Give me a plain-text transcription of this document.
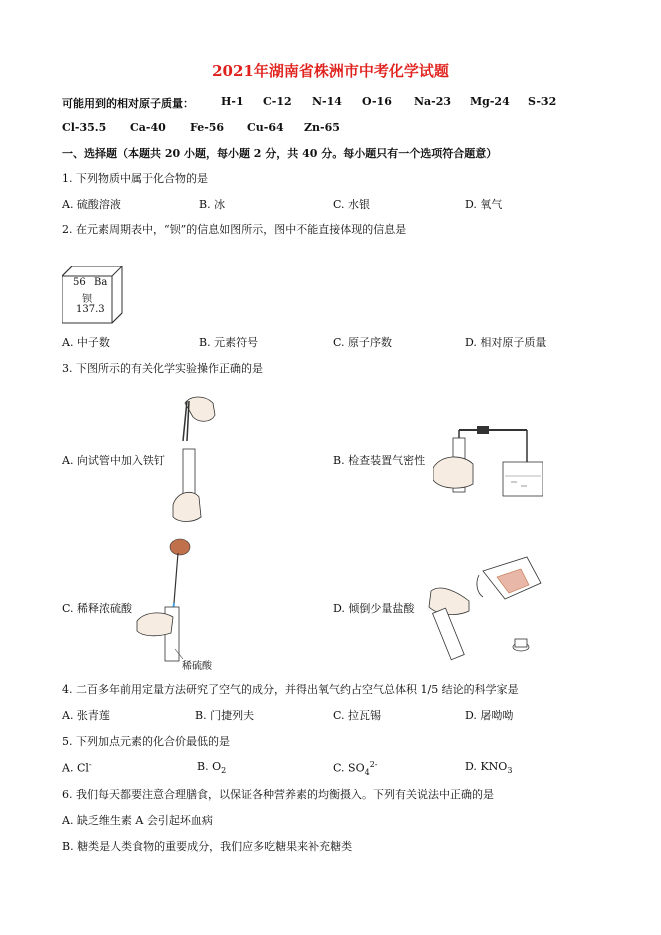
2021年湖南省株洲市中考化学试题
可能用到的相对原子质量： H-1 C-12 N-14 O-16 Na-23 Mg-24 S-32
Cl-35.5 Ca-40 Fe-56 Cu-64 Zn-65
一、选择题（本题共 20 小题，每小题 2 分，共 40 分。每小题只有一个选项符合题意）
1. 下列物质中属于化合物的是
A. 硫酸溶液	B. 冰	C. 水银	D. 氧气
2. 在元素周期表中，“钡”的信息如图所示，图中不能直接体现的信息是
56 Ba
钡
137.3
A. 中子数	B. 元素符号	C. 原子序数	D. 相对原子质量
3. 下图所示的有关化学实验操作正确的是
A. 向试管中加入铁钉	B. 检查装置气密性
C. 稀释浓硫酸
稀硫酸
D. 倾倒少量盐酸
4. 二百多年前用定量方法研究了空气的成分，并得出氧气约占空气总体积 1/5 结论的科学家是
A. 张青莲	B. 门捷列夫	C. 拉瓦锡	D. 屠呦呦
5. 下列加点元素的化合价最低的是
A. Cl-	B. $O_2$	C. $SO_4^{2-}$	D. $KNO_3$
6. 我们每天都要注意合理膳食，以保证各种营养素的均衡摄入。下列有关说法中正确的是
A. 缺乏维生素 A 会引起坏血病
B. 糖类是人类食物的重要成分，我们应多吃糖果来补充糖类
